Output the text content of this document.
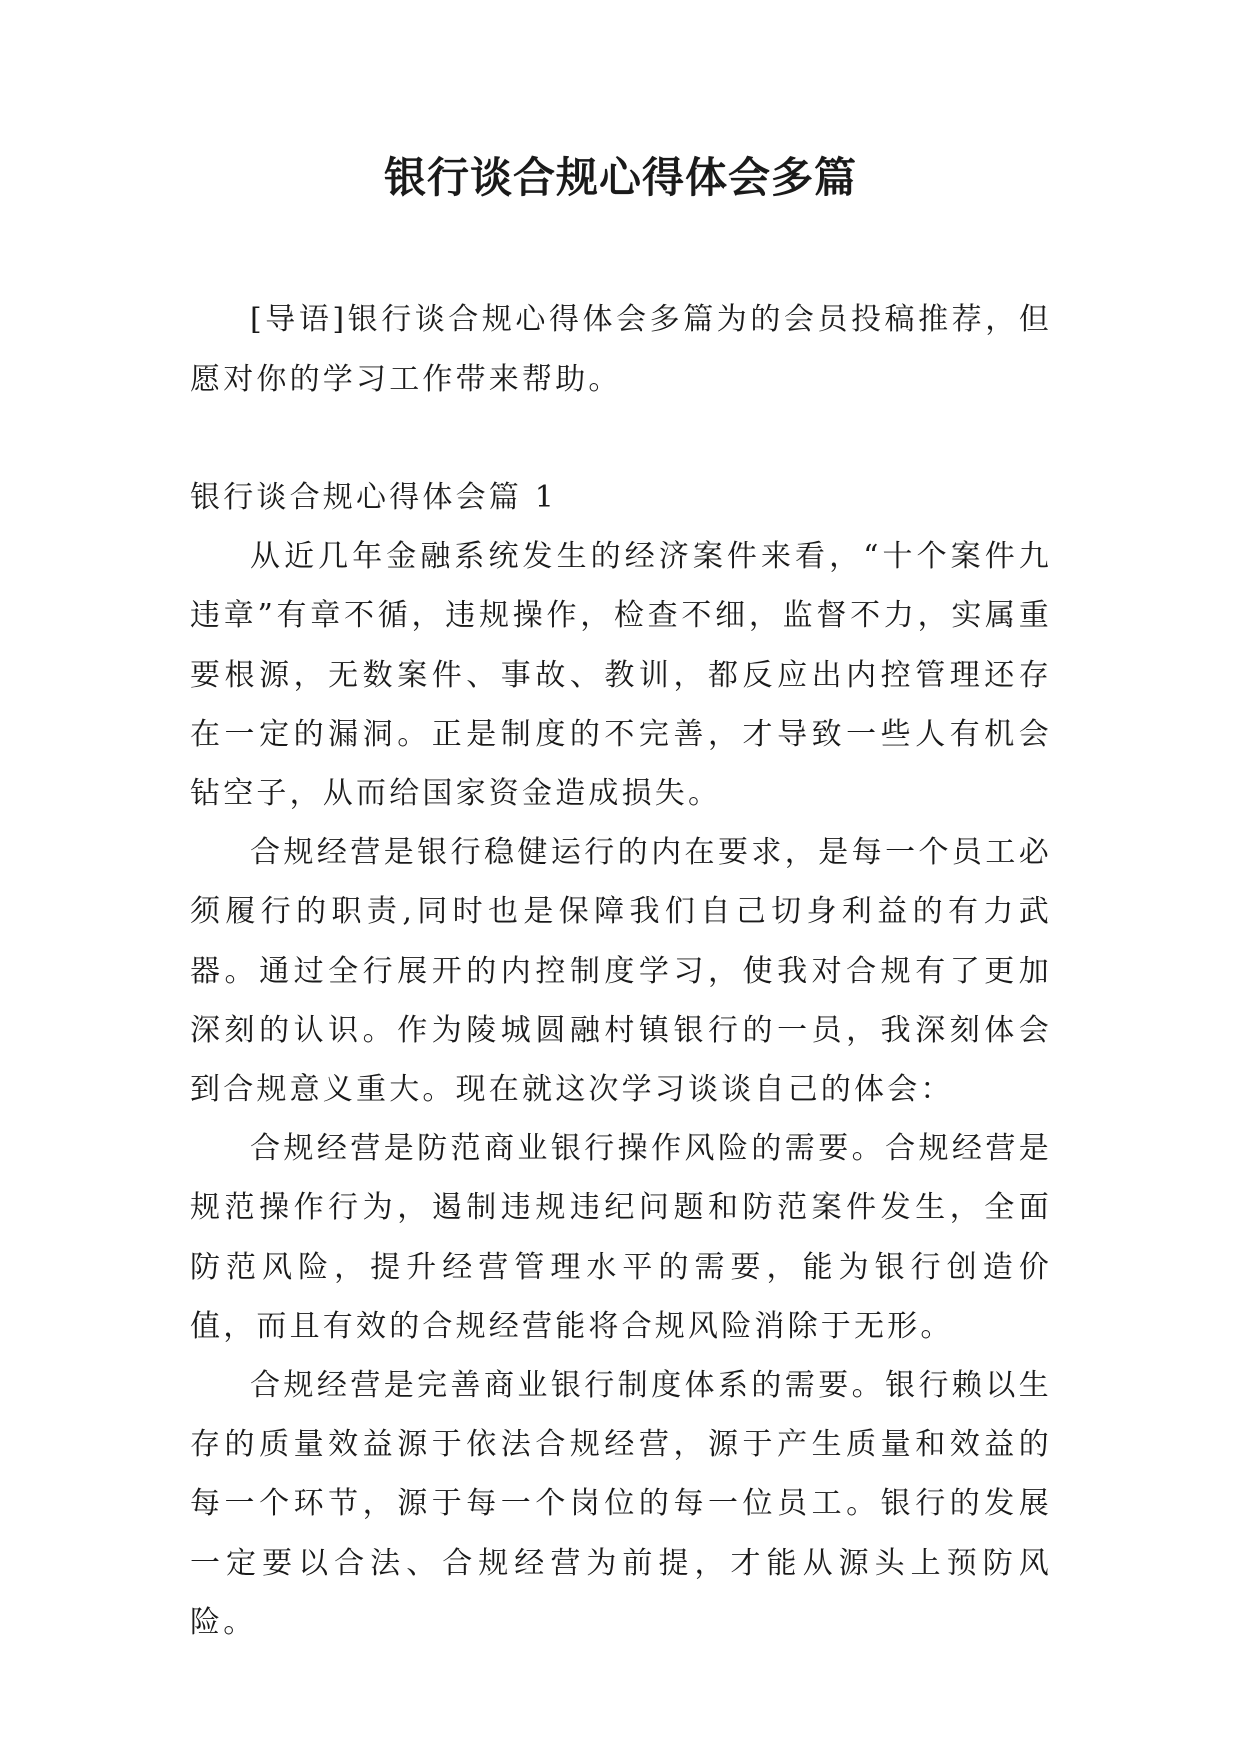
银行谈合规心得体会多篇

[导语]银行谈合规心得体会多篇为的会员投稿推荐，但愿对你的学习工作带来帮助。

银行谈合规心得体会篇 1

从近几年金融系统发生的经济案件来看，“十个案件九违章”有章不循，违规操作，检查不细，监督不力，实属重要根源，无数案件、事故、教训，都反应出内控管理还存在一定的漏洞。正是制度的不完善，才导致一些人有机会钻空子，从而给国家资金造成损失。

合规经营是银行稳健运行的内在要求，是每一个员工必须履行的职责,同时也是保障我们自己切身利益的有力武器。通过全行展开的内控制度学习，使我对合规有了更加深刻的认识。作为陵城圆融村镇银行的一员，我深刻体会到合规意义重大。现在就这次学习谈谈自己的体会：

合规经营是防范商业银行操作风险的需要。合规经营是规范操作行为，遏制违规违纪问题和防范案件发生，全面防范风险，提升经营管理水平的需要，能为银行创造价值，而且有效的合规经营能将合规风险消除于无形。

合规经营是完善商业银行制度体系的需要。银行赖以生存的质量效益源于依法合规经营，源于产生质量和效益的每一个环节，源于每一个岗位的每一位员工。银行的发展一定要以合法、合规经营为前提，才能从源头上预防风险。
